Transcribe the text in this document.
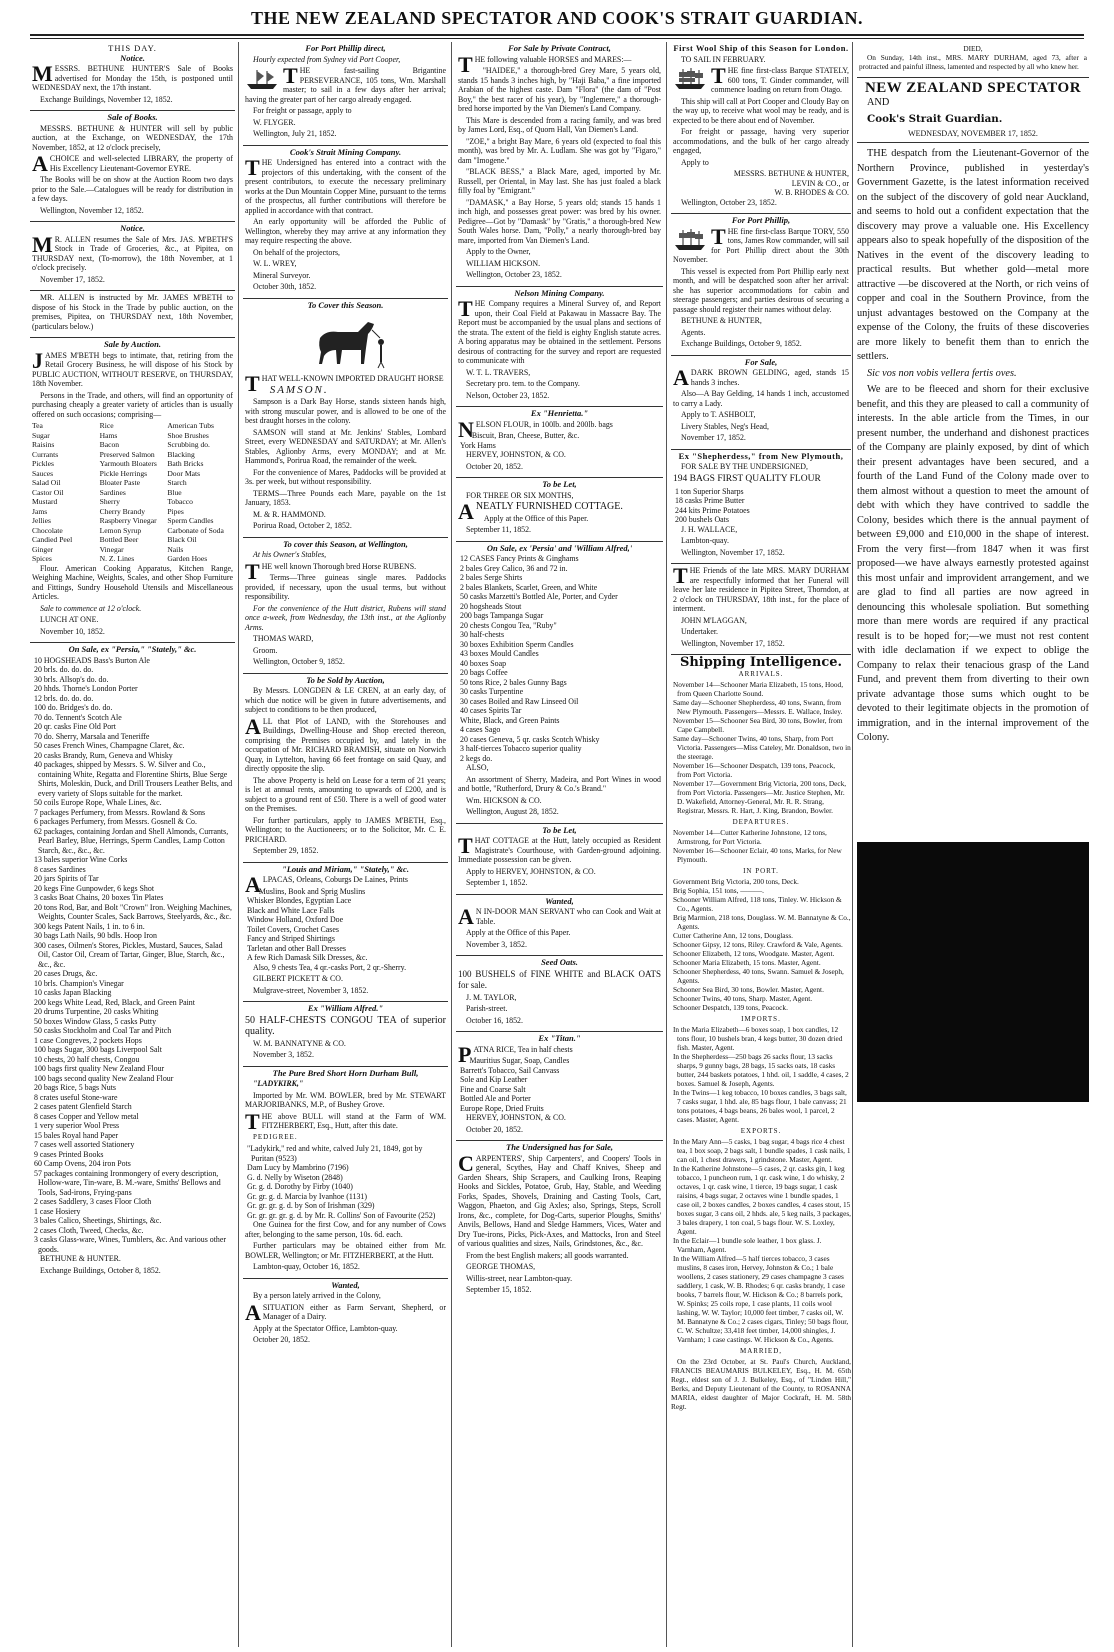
THE NEW ZEALAND SPECTATOR AND COOK'S STRAIT GUARDIAN.
THIS DAY.
Notice.

MESSRS. BETHUNE HUNTER'S Sale of Books advertised for Monday the 15th, is postponed until WEDNESDAY next, the 17th instant.

Exchange Buildings, November 12, 1852.

Sale of Books.

MESSRS. BETHUNE & HUNTER will sell by public auction, at the Exchange, on WEDNESDAY, the 17th November, 1852, at 12 o'clock precisely,

ACHOICE and well-selected LIBRARY, the property of His Excellency Lieutenant-Governor EYRE.

The Books will be on show at the Auction Room two days prior to the Sale.—Catalogues will be ready for distribution in a few days.

Wellington, November 12, 1852.

Notice.

M R. ALLEN resumes the Sale of Mrs. JAS. M'BETH'S Stock in Trade of Groceries, &c., at Pipitea, on THURSDAY next, (To-morrow), the 18th November, at 1 o'clock precisely.

November 17, 1852.

MR. ALLEN is instructed by Mr. JAMES M'BETH to dispose of his Stock in the Trade by public auction, on the premises, Pipitea, on THURSDAY next, 18th November, (particulars below.)

Sale by Auction.

JAMES M'BETH begs to intimate, that, retiring from the Retail Grocery Business, he will dispose of his Stock by PUBLIC AUCTION, WITHOUT RESERVE, on THURSDAY, 18th November.

Persons in the Trade, and others, will find an opportunity of purchasing cheaply a greater variety of articles than is usually offered on such occasions; comprising—

Tea	Rice	American Tubs
Sugar	Hams	Shoe Brushes
Raisins	Bacon	Scrubbing do.
Currants	Preserved Salmon	Blacking
Pickles	Yarmouth Bloaters	Bath Bricks
Sauces	Pickle Herrings	Door Mats
Salad Oil	Bloater Paste	Starch
Castor Oil	Sardines	Blue
Mustard	Sherry	Tobacco
Jams	Cherry Brandy	Pipes
Jellies	Raspberry Vinegar	Sperm Candles
Chocolate	Lemon Syrup	Carbonate of Soda
Candied Peel	Bottled Beer	Black Oil
Ginger	Vinegar	Nails
Spices	N. Z. Lines	Garden Hoes

Flour. American Cooking Apparatus, Kitchen Range, Weighing Machine, Weights, Scales, and other Shop Furniture and Fittings, Sundry Household Utensils and Miscellaneous Articles.

Sale to commence at 12 o'clock.

LUNCH AT ONE.

November 10, 1852.

On Sale, ex "Persia," "Stately," &c.
10 HOGSHEADS Bass's Burton Ale
20 brls. do. do. do.
30 brls. Allsop's do. do.
20 hhds. Thorne's London Porter
12 brls. do. do. do.
100 do. Bridges's do. do.
70 do. Tennent's Scotch Ale
20 qr. casks Fine Old Port
70 do. Sherry, Marsala and Teneriffe
50 cases French Wines, Champagne Claret, &c.
20 casks Brandy, Rum, Geneva and Whisky
40 packages, shipped by Messrs. S. W. Silver and Co., containing White, Regatta and Florentine Shirts, Blue Serge Shirts, Moleskin, Duck, and Drill Trousers Leather Belts, and every variety of Slops suitable for the market.
50 coils Europe Rope, Whale Lines, &c.
7 packages Perfumery, from Messrs. Rowland & Sons
6 packages Perfumery, from Messrs. Gosnell & Co.
62 packages, containing Jordan and Shell Almonds, Currants, Pearl Barley, Blue, Herrings, Sperm Candles, Lamp Cotton Starch, &c., &c., &c.
13 bales superior Wine Corks
8 cases Sardines
20 jars Spirits of Tar
20 kegs Fine Gunpowder, 6 kegs Shot
3 casks Boat Chains, 20 boxes Tin Plates
20 tons Rod, Bar, and Bolt "Crown" Iron. Weighing Machines, Weights, Counter Scales, Sack Barrows, Steelyards, &c., &c.
300 kegs Patent Nails, 1 in. to 6 in.
30 bags Lath Nails, 90 bdls. Hoop Iron
300 cases, Oilmen's Stores, Pickles, Mustard, Sauces, Salad Oil, Castor Oil, Cream of Tartar, Ginger, Blue, Starch, &c., &c., &c.
20 cases Drugs, &c.
10 brls. Champion's Vinegar
10 casks Japan Blacking
200 kegs White Lead, Red, Black, and Green Paint
20 drums Turpentine, 20 casks Whiting
50 boxes Window Glass, 5 casks Putty
50 casks Stockholm and Coal Tar and Pitch
1 case Congreves, 2 pockets Hops
100 bags Sugar, 300 bags Liverpool Salt
10 chests, 20 half chests, Congou
100 bags first quality New Zealand Flour
100 bags second quality New Zealand Flour
20 bags Rice, 5 bags Nuts
8 crates useful Stone-ware
2 cases patent Glenfield Starch
8 cases Copper and Yellow metal
1 very superior Wool Press
15 bales Royal hand Paper
7 cases well assorted Stationery
9 cases Printed Books
60 Camp Ovens, 204 iron Pots
57 packages containing Ironmongery of every description, Hollow-ware, Tin-ware, B. M.-ware, Smiths' Bellows and Tools, Sad-irons, Frying-pans
2 cases Saddlery, 3 cases Floor Cloth
1 case Hosiery
3 bales Calico, Sheetings, Shirtings, &c.
2 cases Cloth, Tweed, Checks, &c.
3 casks Glass-ware, Wines, Tumblers, &c. And various other goods.

BETHUNE & HUNTER.

Exchange Buildings, October 8, 1852.

For Port Phillip direct,

Hourly expected from Sydney vid Port Cooper,

THE fast-sailing Brigantine PERSEVERANCE, 105 tons, Wm. Marshall master; to sail in a few days after her arrival; having the greater part of her cargo already engaged.

For freight or passage, apply to

W. FLYGER.

Wellington, July 21, 1852.

Cook's Strait Mining Company.

THE Undersigned has entered into a contract with the projectors of this undertaking, with the consent of the present contributors, to execute the necessary preliminary works at the Dun Mountain Copper Mine, pursuant to the terms of the prospectus, all further contributions will therefore be applied in accordance with that contract.

An early opportunity will be afforded the Public of Wellington, whereby they may arrive at any information they may require respecting the above.

On behalf of the projectors,

W. L. WREY,

Mineral Surveyor.

October 30th, 1852.

To Cover this Season.

THAT WELL-KNOWN IMPORTED DRAUGHT HORSE

SAMSON.

Sampson is a Dark Bay Horse, stands sixteen hands high, with strong muscular power, and is allowed to be one of the best draught horses in the colony.

SAMSON will stand at Mr. Jenkins' Stables, Lombard Street, every WEDNESDAY and SATURDAY; at Mr. Allen's Stables, Aglionby Arms, every MONDAY; and at Mr. Hammond's, Porirua Road, the remainder of the week.

For the convenience of Mares, Paddocks will be provided at 3s. per week, but without responsibility.

TERMS—Three Pounds each Mare, payable on the 1st January, 1853.

M. & R. HAMMOND.

Porirua Road, October 2, 1852.

To cover this Season, at Wellington,

At his Owner's Stables,

THE well known Thorough bred Horse RUBENS.

Terms—Three guineas single mares. Paddocks provided, if necessary, upon the usual terms, but without responsibility.

For the convenience of the Hutt district, Rubens will stand once a-week, from Wednesday, the 13th inst., at the Aglionby Arms.

THOMAS WARD,

Groom.

Wellington, October 9, 1852.

To be Sold by Auction,

By Messrs. LONGDEN & LE CREN, at an early day, of which due notice will be given in future advertisements, and subject to conditions to be then produced,

ALL that Plot of LAND, with the Storehouses and Buildings, Dwelling-House and Shop erected thereon, comprising the Premises occupied by, and lately in the occupation of Mr. RICHARD BRAMISH, situate on Norwich Quay, in Lyttelton, having 66 feet frontage on said Quay, and directly opposite the slip.

The above Property is held on Lease for a term of 21 years; is let at annual rents, amounting to upwards of £200, and is subject to a ground rent of £50. There is a well of good water on the Premises.

For further particulars, apply to JAMES M'BETH, Esq., Wellington; to the Auctioneers; or to the Solicitor, Mr. C. E. PRICHARD.

September 29, 1852.

"Louis and Miriam," "Stately," &c.

ALPACAS, Orleans, Coburgs De Laines, Prints

Muslins, Book and Sprig Muslins
Whisker Blondes, Egyptian Lace
Black and White Lace Falls
Window Holland, Oxford Doe
Toilet Covers, Crochet Cases
Fancy and Striped Shirtings
Tarletan and other Ball Dresses
A few Rich Damask Silk Dresses, &c.

Also, 9 chests Tea, 4 qr.-casks Port, 2 qr.-Sherry.

GILBERT PICKETT & CO.

Mulgrave-street, November 3, 1852.

Ex "William Alfred."

50 HALF-CHESTS CONGOU TEA of superior quality.

W. M. BANNATYNE & CO.

November 3, 1852.

The Pure Bred Short Horn Durham Bull,

"LADYKIRK,"

Imported by Mr. WM. BOWLER, bred by Mr. STEWART MARJORIBANKS, M.P., of Bushey Grove.

THE above BULL will stand at the Farm of WM. FITZHERBERT, Esq., Hutt, after this date.

PEDIGREE.

"Ladykirk," red and white, calved July 21, 1849, got by Puritan (9523)
Dam Lucy by Mambrino (7196)
G. d. Nelly by Wiseton (2848)
Gr. g. d. Dorothy by Firby (1040)
Gr. gr. g. d. Marcia by Ivanhoe (1131)
Gr. gr. gr. g. d. by Son of Irishman (329)
Gr. gr. gr. gr. g. d. by Mr. R. Collins' Son of Favourite (252)

One Guinea for the first Cow, and for any number of Cows after, belonging to the same person, 10s. 6d. each.

Further particulars may be obtained either from Mr. BOWLER, Wellington; or Mr. FITZHERBERT, at the Hutt.

Lambton-quay, October 16, 1852.

Wanted,

By a person lately arrived in the Colony,

ASITUATION either as Farm Servant, Shepherd, or Manager of a Dairy.

Apply at the Spectator Office, Lambton-quay.

October 20, 1852.

For Sale by Private Contract,

THE following valuable HORSES and MARES:—

"HAIDEE," a thorough-bred Grey Mare, 5 years old, stands 15 hands 3 inches high, by "Haji Baba," a fine imported Arabian of the highest caste. Dam "Flora" (the dam of "Post Boy," the best racer of his year), by "Inglemere," a thorough-bred horse imported by the Van Diemen's Land Company.

This Mare is descended from a racing family, and was bred by James Lord, Esq., of Quorn Hall, Van Diemen's Land.

"ZOE," a bright Bay Mare, 6 years old (expected to foal this month), was bred by Mr. A. Ludlam. She was got by "Figaro," dam "Imogene."

"BLACK BESS," a Black Mare, aged, imported by Mr. Russell, per Oriental, in May last. She has just foaled a black filly foal by "Emigrant."

"DAMASK," a Bay Horse, 5 years old; stands 15 hands 1 inch high, and possesses great power: was bred by his owner. Pedigree—Got by "Damask" by "Gratis," a thorough-bred New South Wales horse. Dam, "Polly," a nearly thorough-bred bay mare, imported from Van Diemen's Land.

Apply to the Owner,

WILLIAM HICKSON.

Wellington, October 23, 1852.

Nelson Mining Company.

THE Company requires a Mineral Survey of, and Report upon, their Coal Field at Pakawau in Massacre Bay. The Report must be accompanied by the usual plans and sections of the strata. The extent of the field is eighty English statute acres. A boring apparatus may be obtained in the settlement. Persons desirous of contracting for the survey and report are requested to communicate with

W. T. L. TRAVERS,

Secretary pro. tem. to the Company.

Nelson, October 23, 1852.

Ex "Henrietta."

NELSON FLOUR, in 100lb. and 200lb. bags

Biscuit, Bran, Cheese, Butter, &c.
York Hams

HERVEY, JOHNSTON, & CO.

October 20, 1852.

To be Let,

FOR THREE OR SIX MONTHS,

ANEATLY FURNISHED COTTAGE.

Apply at the Office of this Paper.

September 11, 1852.

On Sale, ex 'Persia' and 'William Alfred,'
12 CASES Fancy Prints & Ginghams
2 bales Grey Calico, 36 and 72 in.
2 bales Serge Shirts
2 bales Blankets, Scarlet, Green, and White
50 casks Marzetti's Bottled Ale, Porter, and Cyder
20 hogsheads Stout
200 bags Tampanga Sugar
20 chests Congou Tea, "Ruby"
30 half-chests
30 boxes Exhibition Sperm Candles
43 boxes Mould Candles
40 boxes Soap
20 bags Coffee
50 tons Rice, 2 bales Gunny Bags
30 casks Turpentine
30 cases Boiled and Raw Linseed Oil
40 cases Spirits Tar
White, Black, and Green Paints
4 cases Sago
20 cases Geneva, 5 qr. casks Scotch Whisky
3 half-tierces Tobacco superior quality
2 kegs do.

ALSO,

An assortment of Sherry, Madeira, and Port Wines in wood and bottle, "Rutherford, Drury & Co.'s Brand."

Wm. HICKSON & CO.

Wellington, August 28, 1852.

To be Let,

THAT COTTAGE at the Hutt, lately occupied as Resident Magistrate's Courthouse, with Garden-ground adjoining. Immediate possession can be given.

Apply to HERVEY, JOHNSTON, & CO.

September 1, 1852.

Wanted,

A N IN-DOOR MAN SERVANT who can Cook and Wait at Table.

Apply at the Office of this Paper.

November 3, 1852.

Seed Oats.

100 BUSHELS of FINE WHITE and BLACK OATS for sale.

J. M. TAYLOR,

Parish-street.

October 16, 1852.

Ex "Titan."

PATNA RICE, Tea in half chests

Mauritius Sugar, Soap, Candles
Barrett's Tobacco, Sail Canvass
Sole and Kip Leather
Fine and Coarse Salt
Bottled Ale and Porter
Europe Rope, Dried Fruits

HERVEY, JOHNSTON, & CO.

October 20, 1852.

The Undersigned has for Sale,

CARPENTERS', Ship Carpenters', and Coopers' Tools in general, Scythes, Hay and Chaff Knives, Sheep and Garden Shears, Ship Scrapers, and Caulking Irons, Reaping Hooks and Sickles, Potatoe, Grub, Hay, Stable, and Weeding Forks, Spades, Shovels, Draining and Casting Tools, Cart, Waggon, Phaeton, and Gig Axles; also, Springs, Steps, Scroll Irons, &c., complete, for Dog-Carts, superior Ploughs, Smiths' Anvils, Bellows, Hand and Sledge Hammers, Vices, Water and Dry Tue-irons, Picks, Pick-Axes, and Mattocks, Iron and Steel of various qualities and sizes, Nails, Grindstones, &c., &c.

From the best English makers; all goods warranted.

GEORGE THOMAS,

Willis-street, near Lambton-quay.

September 15, 1852.

First Wool Ship of this Season for London.

TO SAIL IN FEBRUARY.

THE fine first-class Barque STATELY, 600 tons, T. Ginder commander, will commence loading on return from Otago.

This ship will call at Port Cooper and Cloudy Bay on the way up, to receive what wool may be ready, and is expected to be there about end of November.

For freight or passage, having very superior accommodations, and the bulk of her cargo already engaged,

Apply to

MESSRS. BETHUNE & HUNTER,
LEVIN & CO., or
W. B. RHODES & CO.

Wellington, October 23, 1852.

For Port Phillip,

THE fine first-class Barque TORY, 550 tons, James Row commander, will sail for Port Phillip direct about the 30th November.

This vessel is expected from Port Phillip early next month, and will be despatched soon after her arrival: she has superior accommodations for cabin and steerage passengers; and parties desirous of securing a passage should register their names without delay.

BETHUNE & HUNTER,

Agents.

Exchange Buildings, October 9, 1852.

For Sale,

ADARK BROWN GELDING, aged, stands 15 hands 3 inches.

Also—A Bay Gelding, 14 hands 1 inch, accustomed to carry a Lady.

Apply to T. ASHBOLT,

Livery Stables, Neg's Head,

November 17, 1852.

Ex "Shepherdess," from New Plymouth,

FOR SALE BY THE UNDERSIGNED,

194 BAGS FIRST QUALITY FLOUR

1 ton Superior Sharps
18 casks Prime Butter
244 kits Prime Potatoes
200 bushels Oats

J. H. WALLACE,

Lambton-quay.

Wellington, November 17, 1852.

THE Friends of the late MRS. MARY DURHAM are respectfully informed that her Funeral will leave her late residence in Pipitea Street, Thorndon, at 2 o'clock on THURSDAY, 18th inst., for the place of interment.

JOHN M'LAGGAN,

Undertaker.

Wellington, November 17, 1852.

Shipping Intelligence.
ARRIVALS.
November 14—Schooner Maria Elizabeth, 15 tons, Hood, from Queen Charlotte Sound.
Same day—Schooner Shepherdess, 40 tons, Swann, from New Plymouth. Passengers—Messrs. E. Wallace, Insley.
November 15—Schooner Sea Bird, 30 tons, Bowler, from Cape Campbell.
Same day—Schooner Twins, 40 tons, Sharp, from Port Victoria. Passengers—Miss Cateley, Mr. Donaldson, two in the steerage.
November 16—Schooner Despatch, 139 tons, Peacock, from Port Victoria.
November 17—Government Brig Victoria, 200 tons, Deck, from Port Victoria. Passengers—Mr. Justice Stephen, Mr. D. Wakefield, Attorney-General, Mr. R. R. Strang, Registrar, Messrs. R. Hart, J. King, Brandon, Bowler.
DEPARTURES.
November 14—Cutter Katherine Johnstone, 12 tons, Armstrong, for Port Victoria.
November 16—Schooner Eclair, 40 tons, Marks, for New Plymouth.
IN PORT.
Government Brig Victoria, 200 tons, Deck.
Brig Sophia, 151 tons, ———.
Schooner William Alfred, 118 tons, Tinley. W. Hickson & Co., Agents.
Brig Marmion, 218 tons, Douglass. W. M. Bannatyne & Co., Agents.
Cutter Catherine Ann, 12 tons, Douglass.
Schooner Gipsy, 12 tons, Riley. Crawford & Vale, Agents.
Schooner Elizabeth, 12 tons, Woodgate. Master, Agent.
Schooner Maria Elizabeth, 15 tons. Master, Agent.
Schooner Shepherdess, 40 tons, Swann. Samuel & Joseph, Agents.
Schooner Sea Bird, 30 tons, Bowler. Master, Agent.
Schooner Twins, 40 tons, Sharp. Master, Agent.
Schooner Despatch, 139 tons, Peacock.
IMPORTS.
In the Maria Elizabeth—6 boxes soap, 1 box candles, 12 tons flour, 10 bushels bran, 4 kegs butter, 30 dozen dried fish. Master, Agent.
In the Shepherdess—250 bags 26 sacks flour, 13 sacks sharps, 9 gunny bags, 28 bags, 15 sacks oats, 18 casks butter, 244 baskets potatoes, 1 hhd. oil, 1 saddle, 4 cases, 2 boxes. Samuel & Joseph, Agents.
In the Twins—1 keg tobacco, 10 boxes candles, 3 bags salt, 7 casks sugar, 1 hhd. ale, 85 bags flour, 1 bale canvass; 21 tons potatoes, 4 bags beans, 26 bales wool, 1 parcel, 2 cases. Master, Agent.
EXPORTS.
In the Mary Ann—5 casks, 1 bag sugar, 4 bags rice 4 chest tea, 1 box soap, 2 bags salt, 1 bundle spades, 1 cask nails, 1 can oil, 1 chest drawers, 1 grindstone. Master, Agent.
In the Katherine Johnstone—5 cases, 2 qr. casks gin, 1 keg tobacco, 1 puncheon rum, 1 qr. cask wine, 1 do whisky, 2 octaves, 1 qr. cask wine, 1 tierce, 19 bags sugar, 1 cask raisins, 4 bags sugar, 2 octaves wine 1 bundle spades, 1 case oil, 2 boxes candles, 2 boxes candles, 4 cases stout, 15 boxes sugar, 3 cans oil, 2 hhds. ale, 5 keg nails, 3 packages, 3 bales drapery, 1 ton coal, 5 bags flour. W. S. Loxley, Agent.
In the Eclair—1 bundle sole leather, 1 box glass. J. Varnham, Agent.
In the William Alfred—5 half tierces tobacco, 3 cases muslins, 8 cases iron, Hervey, Johnston & Co.; 1 bale woollens, 2 cases stationery, 29 cases champagne 3 cases saddlery, 1 cask, W. B. Rhodes; 6 qr. casks brandy, 1 case books, 7 barrels flour, W. Hickson & Co.; 8 barrels pork, W. Spinks; 25 coils rope, 1 case plants, 11 coils wool lashing, W. W. Taylor; 10,000 feet timber, 7 casks oil, W. M. Bannatyne & Co.; 2 cases cigars, Tinley; 50 bags flour, C. W. Schultze; 33,418 feet timber, 14,000 shingles, J. Varnham; 1 case castings. W. Hickson & Co., Agents.
MARRIED,

On the 23rd October, at St. Paul's Church, Auckland, FRANCIS BEAUMARIS BULKELEY, Esq., H. M. 65th Regt., eldest son of J. J. Bulkeley, Esq., of "Linden Hill," Berks, and Deputy Lieutenant of the County, to ROSANNA MARIA, eldest daughter of Major Cockraft, H. M. 58th Regt.

DIED,

On Sunday, 14th inst., MRS. MARY DURHAM, aged 73, after a protracted and painful illness, lamented and respected by all who knew her.

NEW ZEALAND SPECTATOR

AND

Cook's Strait Guardian.

WEDNESDAY, NOVEMBER 17, 1852.

THE despatch from the Lieutenant-Governor of the Northern Province, published in yesterday's Government Gazette, is the latest information received on the subject of the discovery of gold near Auckland, and seems to hold out a confident expectation that the discovery may prove a valuable one. His Excellency appears also to speak hopefully of the disposition of the Natives in the event of the discovery leading to practical results. But whether gold—metal more attractive —be discovered at the North, or rich veins of copper and coal in the Southern Province, from the unjust advantages bestowed on the Company at the expense of the Colony, the fruits of these discoveries are more likely to benefit them than to enrich the settlers.

Sic vos non vobis vellera fertis oves.

We are to be fleeced and shorn for their exclusive benefit, and this they are pleased to call a community of interests. In the able article from the Times, in our present number, the underhand and dishonest practices of the Company are plainly exposed, by dint of which their present advantages have been secured, and a fourth of the Land Fund of the Colony made over to them almost without a question to meet the amount of debt with which they have contrived to saddle the Colony, besides which there is the annual payment of between £9,000 and £10,000 in the shape of interest. From the very first—from 1847 when it was first proposed—we have always earnestly protested against this most unfair and improvident arrangement, and we are glad to find all parties are now agreed in denouncing this wholesale spoliation. But something more than mere words are required if any practical result is to be hoped for;—we must not rest content with idle declamation if we expect to oblige the Company to relax their tenacious grasp of the Land Fund, and prevent them from diverting to their own private advantage those sums which ought to be devoted to their legitimate objects in the promotion of immigration, and in the internal improvement of the Colony.
